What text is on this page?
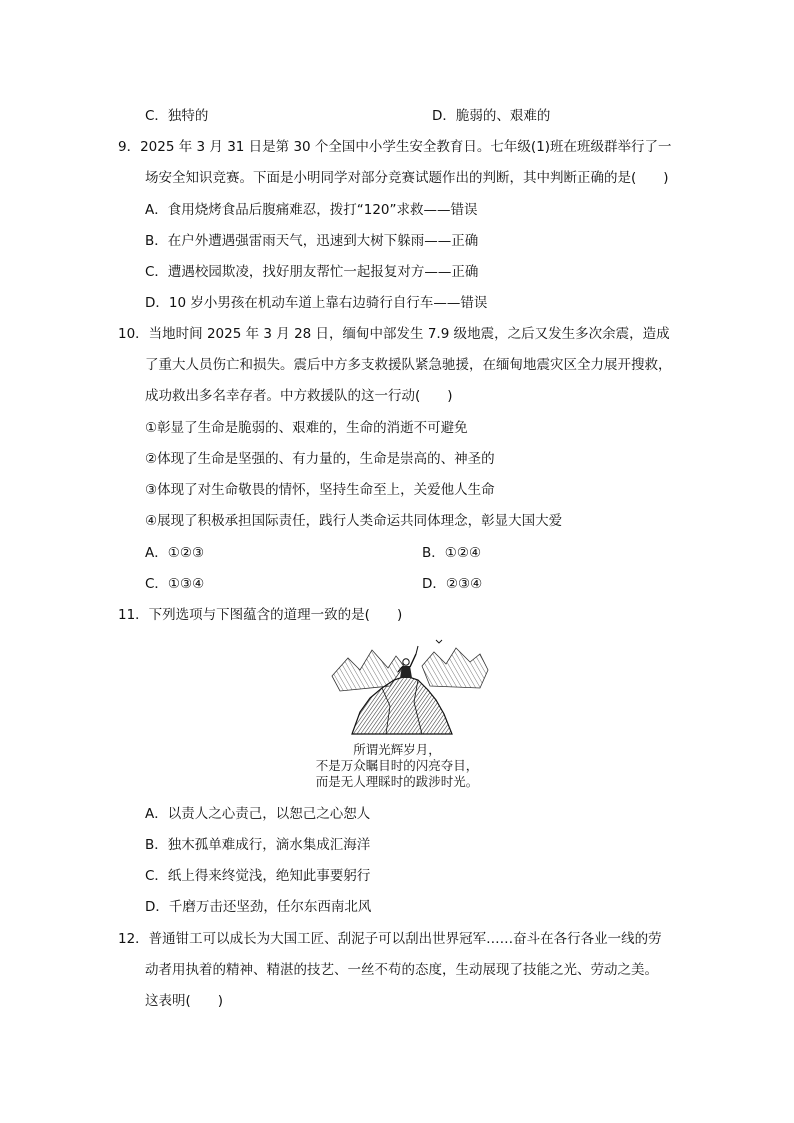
C．独特的	D．脆弱的、艰难的
9．2025 年 3 月 31 日是第 30 个全国中小学生安全教育日。七年级(1)班在班级群举行了一
场安全知识竞赛。下面是小明同学对部分竞赛试题作出的判断，其中判断正确的是(　　)
A．食用烧烤食品后腹痛难忍，拨打“120”求救——错误
B．在户外遭遇强雷雨天气，迅速到大树下躲雨——正确
C．遭遇校园欺凌，找好朋友帮忙一起报复对方——正确
D．10 岁小男孩在机动车道上靠右边骑行自行车——错误
10．当地时间 2025 年 3 月 28 日，缅甸中部发生 7.9 级地震，之后又发生多次余震，造成
了重大人员伤亡和损失。震后中方多支救援队紧急驰援，在缅甸地震灾区全力展开搜救，
成功救出多名幸存者。中方救援队的这一行动(　　)
①彰显了生命是脆弱的、艰难的，生命的消逝不可避免
②体现了生命是坚强的、有力量的，生命是崇高的、神圣的
③体现了对生命敬畏的情怀，坚持生命至上，关爱他人生命
④展现了积极承担国际责任，践行人类命运共同体理念，彰显大国大爱
A．①②③	B．①②④
C．①③④	D．②③④
11．下列选项与下图蕴含的道理一致的是(　　)
所谓光辉岁月，
不是万众瞩目时的闪亮夺目，
而是无人理睬时的跋涉时光。
A．以责人之心责己，以恕己之心恕人
B．独木孤单难成行，滴水集成汇海洋
C．纸上得来终觉浅，绝知此事要躬行
D．千磨万击还坚劲，任尔东西南北风
12．普通钳工可以成长为大国工匠、刮泥子可以刮出世界冠军……奋斗在各行各业一线的劳
动者用执着的精神、精湛的技艺、一丝不苟的态度，生动展现了技能之光、劳动之美。
这表明(　　)
